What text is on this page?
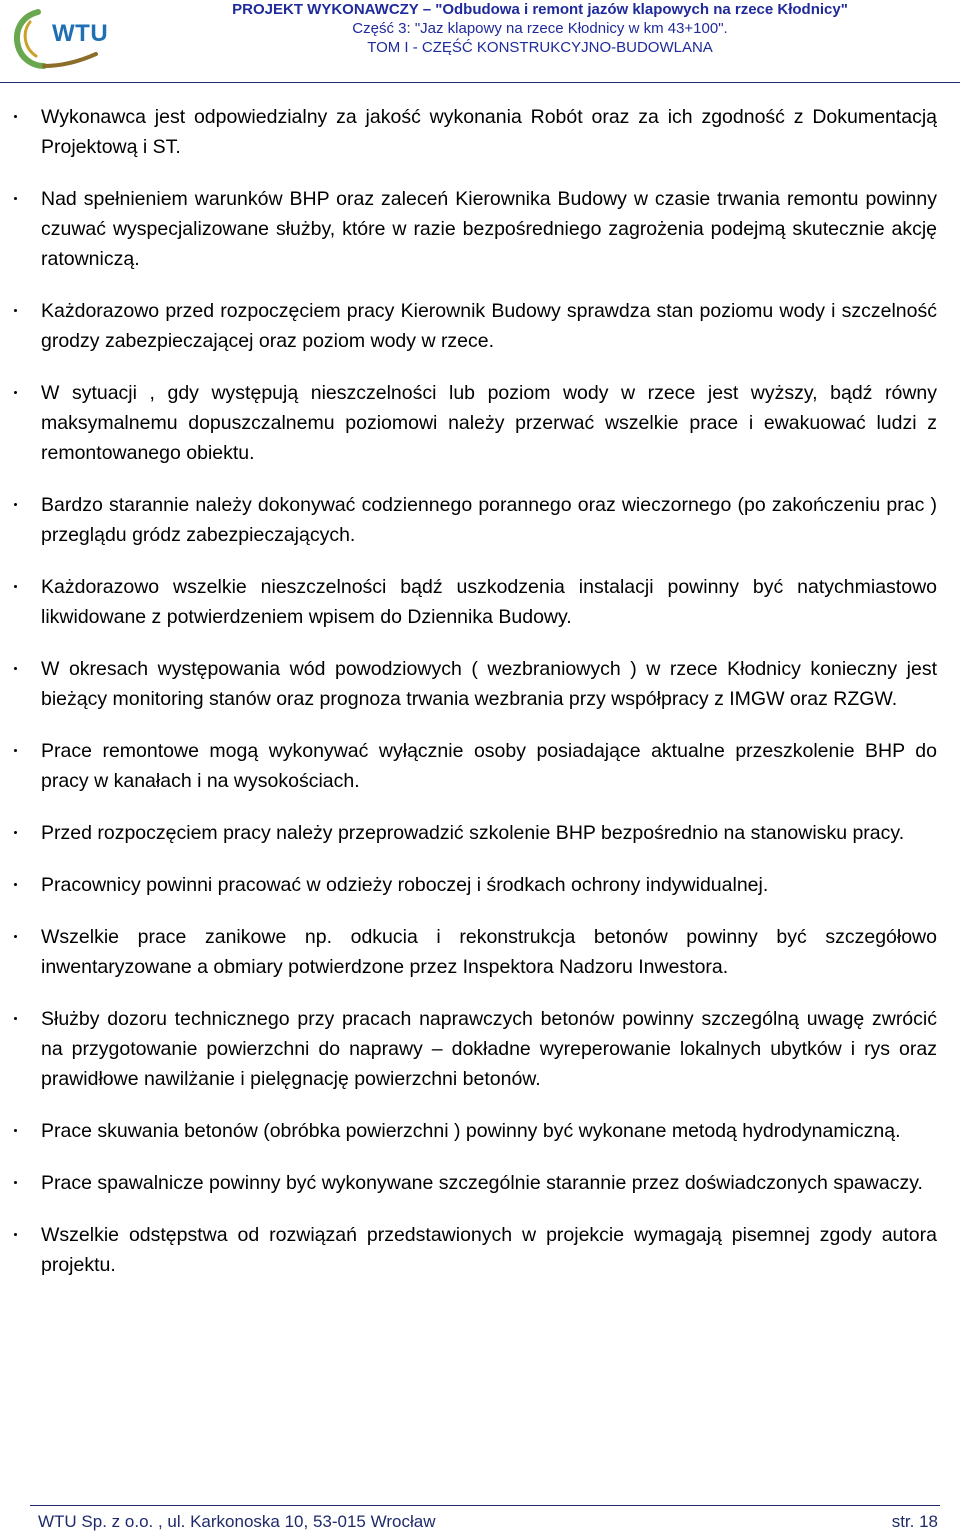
WTU
PROJEKT WYKONAWCZY – "Odbudowa i remont jazów klapowych na rzece Kłodnicy"
Część 3: "Jaz klapowy na rzece Kłodnicy w km 43+100".
TOM I - CZĘŚĆ KONSTRUKCYJNO-BUDOWLANA
Wykonawca jest odpowiedzialny za jakość wykonania Robót oraz za ich zgodność z Dokumentacją Projektową i ST.
Nad spełnieniem warunków BHP oraz zaleceń Kierownika Budowy w czasie trwania remontu powinny czuwać wyspecjalizowane służby, które w razie bezpośredniego zagrożenia podejmą skutecznie akcję ratowniczą.
Każdorazowo przed rozpoczęciem pracy Kierownik Budowy sprawdza stan poziomu wody i szczelność grodzy zabezpieczającej oraz poziom wody w rzece.
W sytuacji , gdy występują nieszczelności lub poziom wody w rzece jest wyższy, bądź równy maksymalnemu dopuszczalnemu poziomowi należy przerwać wszelkie prace i ewakuować ludzi z remontowanego obiektu.
Bardzo starannie należy dokonywać codziennego porannego oraz wieczornego (po zakończeniu prac ) przeglądu gródz zabezpieczających.
Każdorazowo wszelkie nieszczelności bądź uszkodzenia instalacji powinny być natychmiastowo likwidowane z potwierdzeniem wpisem do Dziennika Budowy.
W okresach występowania wód powodziowych ( wezbraniowych ) w rzece Kłodnicy konieczny jest bieżący monitoring stanów oraz prognoza trwania wezbrania przy współpracy z IMGW oraz RZGW.
Prace remontowe mogą wykonywać wyłącznie osoby posiadające aktualne przeszkolenie BHP do pracy w kanałach i na wysokościach.
Przed rozpoczęciem pracy należy przeprowadzić szkolenie BHP bezpośrednio na stanowisku pracy.
Pracownicy powinni pracować w odzieży roboczej i środkach ochrony indywidualnej.
Wszelkie prace zanikowe np. odkucia i rekonstrukcja betonów powinny być szczegółowo inwentaryzowane a obmiary potwierdzone przez Inspektora Nadzoru Inwestora.
Służby dozoru technicznego przy pracach naprawczych betonów powinny szczególną uwagę zwrócić na przygotowanie powierzchni do naprawy – dokładne wyreperowanie lokalnych ubytków i rys oraz prawidłowe nawilżanie i pielęgnację powierzchni betonów.
Prace skuwania betonów (obróbka powierzchni ) powinny być wykonane metodą hydrodynamiczną.
Prace spawalnicze powinny być wykonywane szczególnie starannie przez doświadczonych spawaczy.
Wszelkie odstępstwa od rozwiązań przedstawionych w projekcie wymagają pisemnej zgody autora projektu.
WTU Sp. z o.o. , ul. Karkonoska 10, 53-015 Wrocław	str. 18
